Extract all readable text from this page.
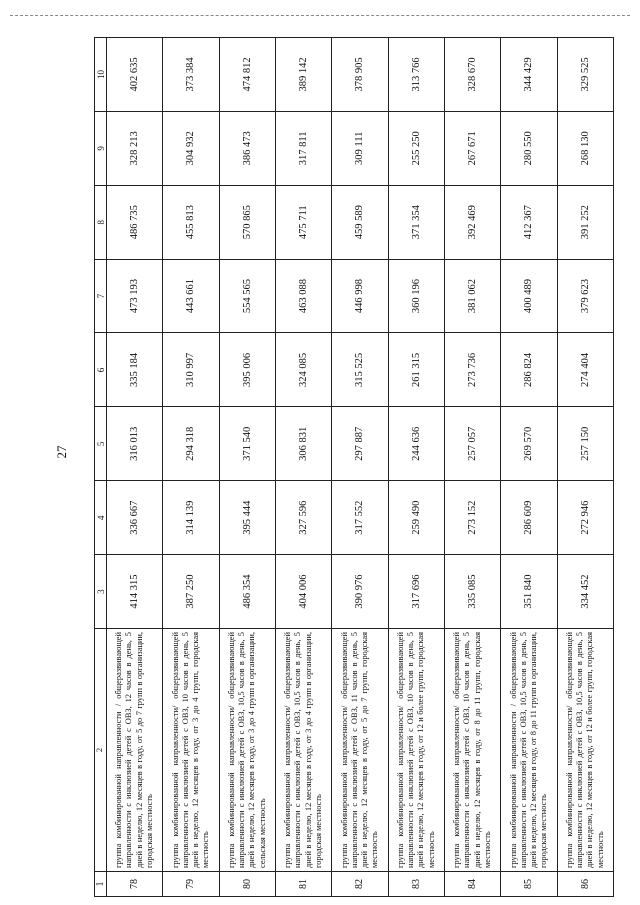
27
1	2	3	4	5	6	7	8	9	10
78	группа комбинированной направленности / общеразвивающей направленности с инклюзией детей с ОВЗ, 12 часов в день, 5 дней в неделю, 12 месяцев в году, от 5 до 7 групп в организации, городская местность	414 315	336 667	316 013	335 184	473 193	486 735	328 213	402 635
79	группа комбинированной направленности/ общеразвивающей направленности с инклюзией детей с ОВЗ, 10 часов в день, 5 дней в неделю, 12 месяцев в году, от 3 до 4 групп, городская местность	387 250	314 139	294 318	310 997	443 661	455 813	304 932	373 384
80	группа комбинированной направленности/ общеразвивающей направленности с инклюзией детей с ОВЗ, 10,5 часов в день, 5 дней в неделю, 12 месяцев в году, от 3 до 4 групп в организации, сельская местность	486 354	395 444	371 540	395 006	554 565	570 865	386 473	474 812
81	группа комбинированной направленности/ общеразвивающей направленности с инклюзией детей с ОВЗ, 10,5 часов в день, 5 дней в неделю, 12 месяцев в году, от 3 до 4 групп в организации, городская местность	404 006	327 596	306 831	324 085	463 088	475 711	317 811	389 142
82	группа комбинированной направленности/ общеразвивающей направленности с инклюзией детей с ОВЗ, 11 часов в день, 5 дней в неделю, 12 месяцев в году, от 5 до 7 групп, городская местность	390 976	317 552	297 887	315 525	446 998	459 589	309 111	378 905
83	группа комбинированной направленности/ общеразвивающей направленности с инклюзией детей с ОВЗ, 10 часов в день, 5 дней в неделю, 12 месяцев в году, от 12 и более групп, городская местность	317 696	259 490	244 636	261 315	360 196	371 354	255 250	313 766
84	группа комбинированной направленности/ общеразвивающей направленности с инклюзией детей с ОВЗ, 10 часов в день, 5 дней в неделю, 12 месяцев в году, от 8 до 11 групп, городская местность	335 085	273 152	257 057	273 736	381 062	392 469	267 671	328 670
85	группа комбинированной направленности / общеразвивающей направленности с инклюзией детей с ОВЗ, 10,5 часов в день, 5 дней в неделю, 12 месяцев в году, от 8 до 11 групп в организации, городская местность	351 840	286 609	269 570	286 824	400 489	412 367	280 550	344 429
86	группа комбинированной направленности/ общеразвивающей направленности с инклюзией детей с ОВЗ, 10,5 часов в день, 5 дней в неделю, 12 месяцев в году, от 12 и более групп, городская местность	334 452	272 946	257 150	274 404	379 623	391 252	268 130	329 525
